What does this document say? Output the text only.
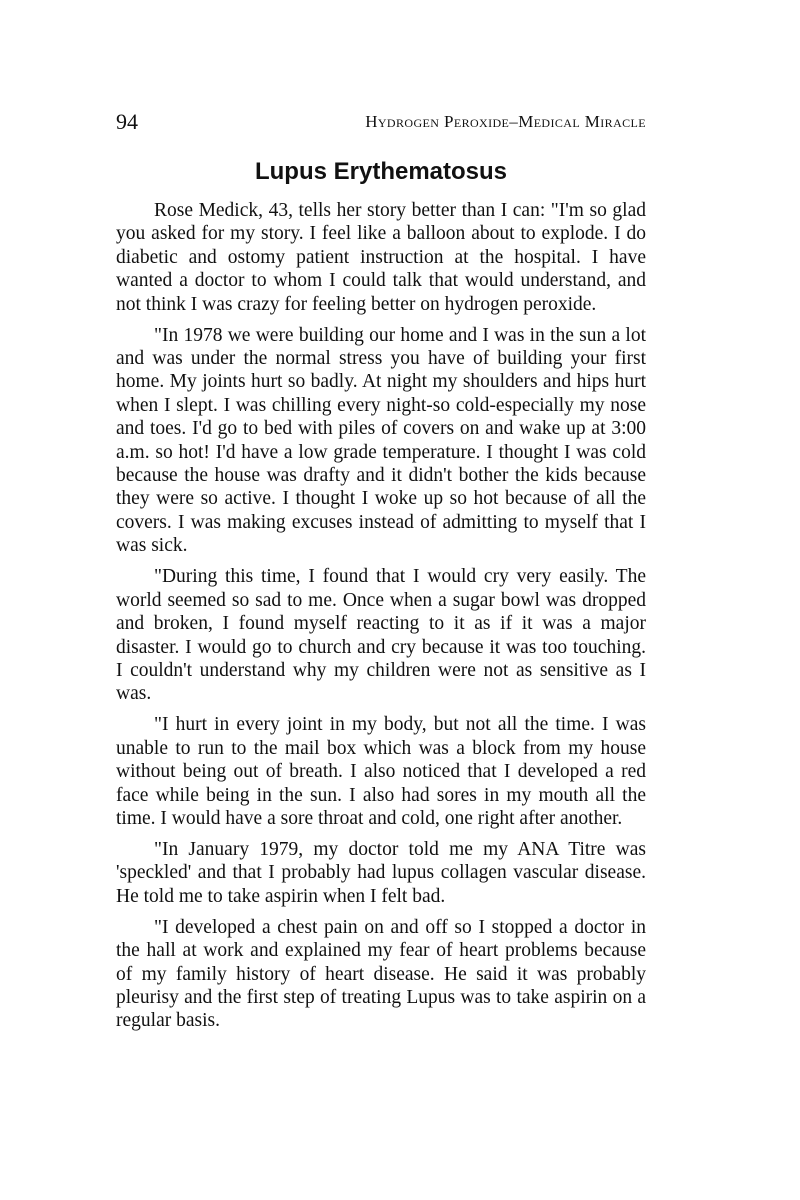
94	Hydrogen Peroxide–Medical Miracle
Lupus Erythematosus

Rose Medick, 43, tells her story better than I can: "I'm so glad you asked for my story. I feel like a balloon about to explode. I do diabetic and ostomy patient instruction at the hospital. I have wanted a doctor to whom I could talk that would understand, and not think I was crazy for feeling better on hydrogen peroxide.

"In 1978 we were building our home and I was in the sun a lot and was under the normal stress you have of building your first home. My joints hurt so badly. At night my shoulders and hips hurt when I slept. I was chilling every night-so cold-especially my nose and toes. I'd go to bed with piles of covers on and wake up at 3:00 a.m. so hot! I'd have a low grade temperature. I thought I was cold because the house was drafty and it didn't bother the kids because they were so active. I thought I woke up so hot because of all the covers. I was making excuses instead of admitting to myself that I was sick.

"During this time, I found that I would cry very easily. The world seemed so sad to me. Once when a sugar bowl was dropped and broken, I found myself reacting to it as if it was a major disaster. I would go to church and cry because it was too touching. I couldn't understand why my children were not as sensitive as I was.

"I hurt in every joint in my body, but not all the time. I was unable to run to the mail box which was a block from my house without being out of breath. I also noticed that I developed a red face while being in the sun. I also had sores in my mouth all the time. I would have a sore throat and cold, one right after another.

"In January 1979, my doctor told me my ANA Titre was 'speckled' and that I probably had lupus collagen vascular disease. He told me to take aspirin when I felt bad.

"I developed a chest pain on and off so I stopped a doctor in the hall at work and explained my fear of heart problems because of my family history of heart disease. He said it was probably pleurisy and the first step of treating Lupus was to take aspirin on a regular basis.
